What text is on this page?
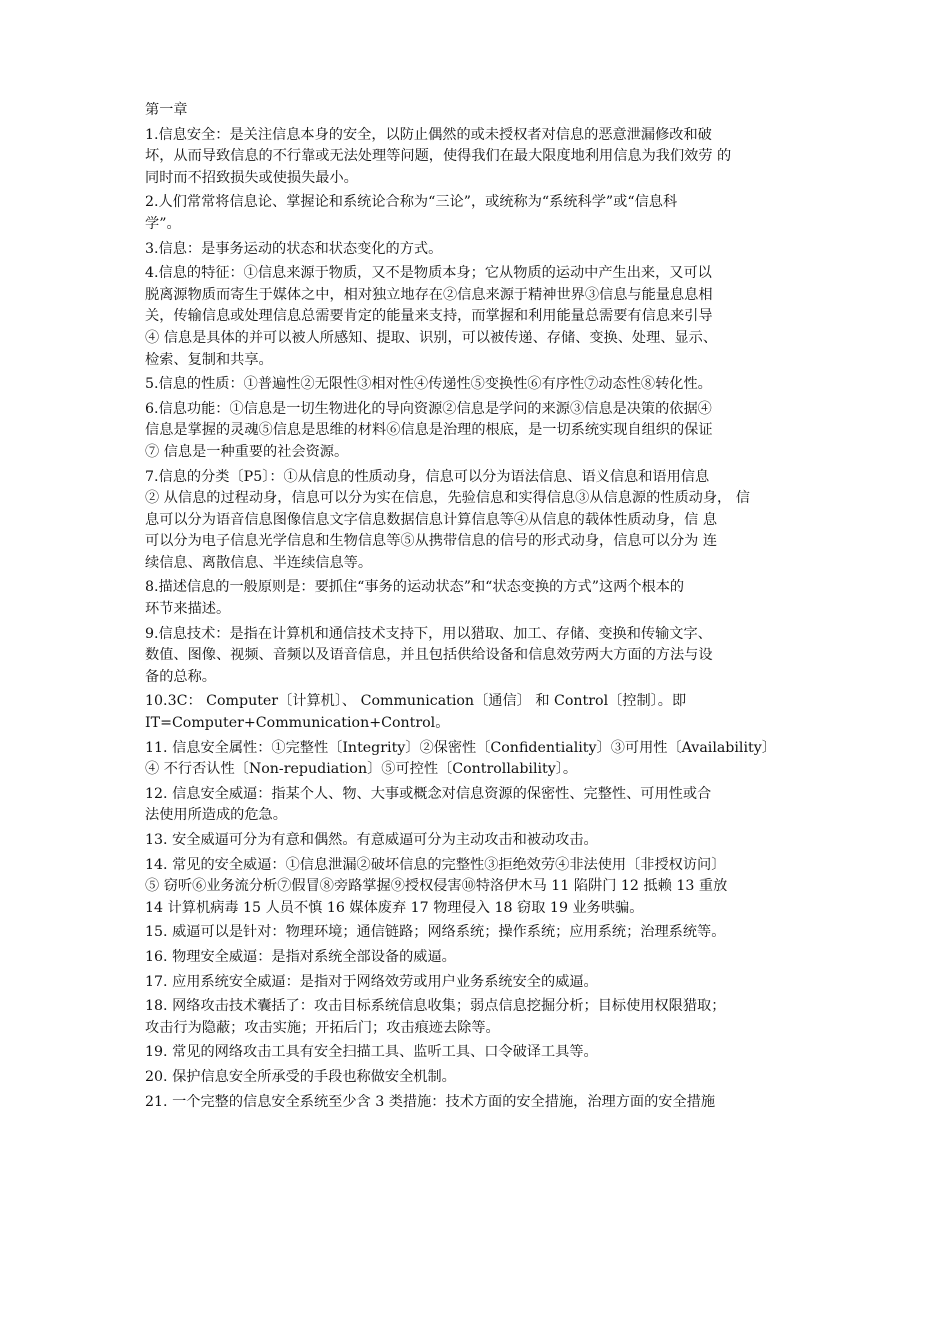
第一章
1.信息安全：是关注信息本身的安全，以防止偶然的或未授权者对信息的恶意泄漏修改和破
坏，从而导致信息的不行靠或无法处理等问题，使得我们在最大限度地利用信息为我们效劳 的
同时而不招致损失或使损失最小。
2.人们常常将信息论、掌握论和系统论合称为“三论”，或统称为“系统科学”或“信息科
学”。
3.信息：是事务运动的状态和状态变化的方式。
4.信息的特征：①信息来源于物质，又不是物质本身；它从物质的运动中产生出来，又可以
脱离源物质而寄生于媒体之中，相对独立地存在②信息来源于精神世界③信息与能量息息相
关，传输信息或处理信息总需要肯定的能量来支持，而掌握和利用能量总需要有信息来引导
④ 信息是具体的并可以被人所感知、提取、识别，可以被传递、存储、变换、处理、显示、
检索、复制和共享。
5.信息的性质：①普遍性②无限性③相对性④传递性⑤变换性⑥有序性⑦动态性⑧转化性。
6.信息功能：①信息是一切生物进化的导向资源②信息是学问的来源③信息是决策的依据④
信息是掌握的灵魂⑤信息是思维的材料⑥信息是治理的根底，是一切系统实现自组织的保证
⑦ 信息是一种重要的社会资源。
7.信息的分类〔P5〕：①从信息的性质动身，信息可以分为语法信息、语义信息和语用信息
② 从信息的过程动身，信息可以分为实在信息，先验信息和实得信息③从信息源的性质动身， 信
息可以分为语音信息图像信息文字信息数据信息计算信息等④从信息的载体性质动身，信 息
可以分为电子信息光学信息和生物信息等⑤从携带信息的信号的形式动身，信息可以分为 连
续信息、离散信息、半连续信息等。
8.描述信息的一般原则是：要抓住“事务的运动状态”和“状态变换的方式”这两个根本的
环节来描述。
9.信息技术：是指在计算机和通信技术支持下，用以猎取、加工、存储、变换和传输文字、
数值、图像、视频、音频以及语音信息，并且包括供给设备和信息效劳两大方面的方法与设
备的总称。
10.3C： Computer〔计算机〕、 Communication〔通信〕 和 Control〔控制〕。即
IT=Computer+Communication+Control。
11. 信息安全属性：①完整性〔Integrity〕②保密性〔Confidentiality〕③可用性〔Availability〕
④ 不行否认性〔Non-repudiation〕⑤可控性〔Controllability〕。
12. 信息安全威逼：指某个人、物、大事或概念对信息资源的保密性、完整性、可用性或合
法使用所造成的危急。
13. 安全威逼可分为有意和偶然。有意威逼可分为主动攻击和被动攻击。
14. 常见的安全威逼：①信息泄漏②破坏信息的完整性③拒绝效劳④非法使用〔非授权访问〕
⑤ 窃听⑥业务流分析⑦假冒⑧旁路掌握⑨授权侵害⑩特洛伊木马 11 陷阱门 12 抵赖 13 重放
14 计算机病毒 15 人员不慎 16 媒体废弃 17 物理侵入 18 窃取 19 业务哄骗。
15. 威逼可以是针对：物理环境；通信链路；网络系统；操作系统；应用系统；治理系统等。
16. 物理安全威逼：是指对系统全部设备的威逼。
17. 应用系统安全威逼：是指对于网络效劳或用户业务系统安全的威逼。
18. 网络攻击技术囊括了：攻击目标系统信息收集；弱点信息挖掘分析；目标使用权限猎取；
攻击行为隐蔽；攻击实施；开拓后门；攻击痕迹去除等。
19. 常见的网络攻击工具有安全扫描工具、监听工具、口令破译工具等。
20. 保护信息安全所承受的手段也称做安全机制。
21. 一个完整的信息安全系统至少含 3 类措施：技术方面的安全措施，治理方面的安全措施
